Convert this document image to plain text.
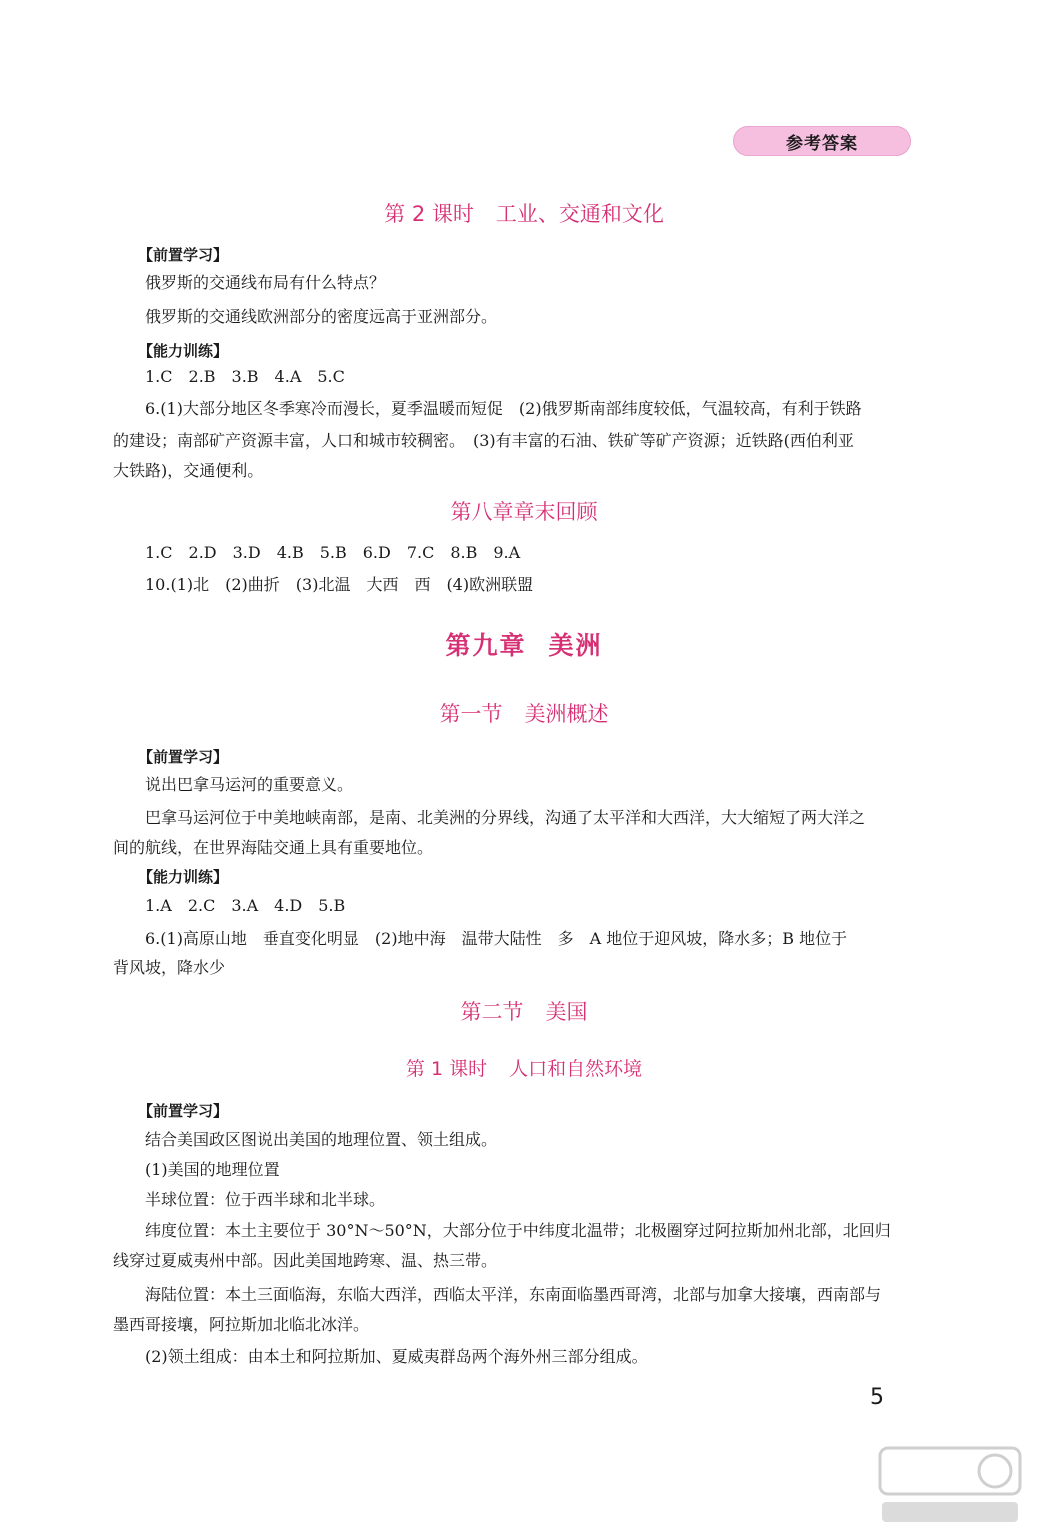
参考答案
第 2 课时 工业、交通和文化
【前置学习】
俄罗斯的交通线布局有什么特点？
俄罗斯的交通线欧洲部分的密度远高于亚洲部分。
【能力训练】
1.C　2.B　3.B　4.A　5.C
6.(1)大部分地区冬季寒冷而漫长，夏季温暖而短促　(2)俄罗斯南部纬度较低，气温较高，有利于铁路
的建设；南部矿产资源丰富，人口和城市较稠密。　(3)有丰富的石油、铁矿等矿产资源；近铁路(西伯利亚
大铁路)，交通便利。
第八章章末回顾
1.C　2.D　3.D　4.B　5.B　6.D　7.C　8.B　9.A
10.(1)北　(2)曲折　(3)北温　大西　西　(4)欧洲联盟
第九章 美洲
第一节 美洲概述
【前置学习】
说出巴拿马运河的重要意义。
巴拿马运河位于中美地峡南部，是南、北美洲的分界线，沟通了太平洋和大西洋，大大缩短了两大洋之
间的航线，在世界海陆交通上具有重要地位。
【能力训练】
1.A　2.C　3.A　4.D　5.B
6.(1)高原山地　垂直变化明显　(2)地中海　温带大陆性　多　A 地位于迎风坡，降水多；B 地位于
背风坡，降水少
第二节 美国
第 1 课时 人口和自然环境
【前置学习】
结合美国政区图说出美国的地理位置、领土组成。
(1)美国的地理位置
半球位置：位于西半球和北半球。
纬度位置：本土主要位于 30°N～50°N，大部分位于中纬度北温带；北极圈穿过阿拉斯加州北部，北回归
线穿过夏威夷州中部。因此美国地跨寒、温、热三带。
海陆位置：本土三面临海，东临大西洋，西临太平洋，东南面临墨西哥湾，北部与加拿大接壤，西南部与
墨西哥接壤，阿拉斯加北临北冰洋。
(2)领土组成：由本土和阿拉斯加、夏威夷群岛两个海外州三部分组成。
5
